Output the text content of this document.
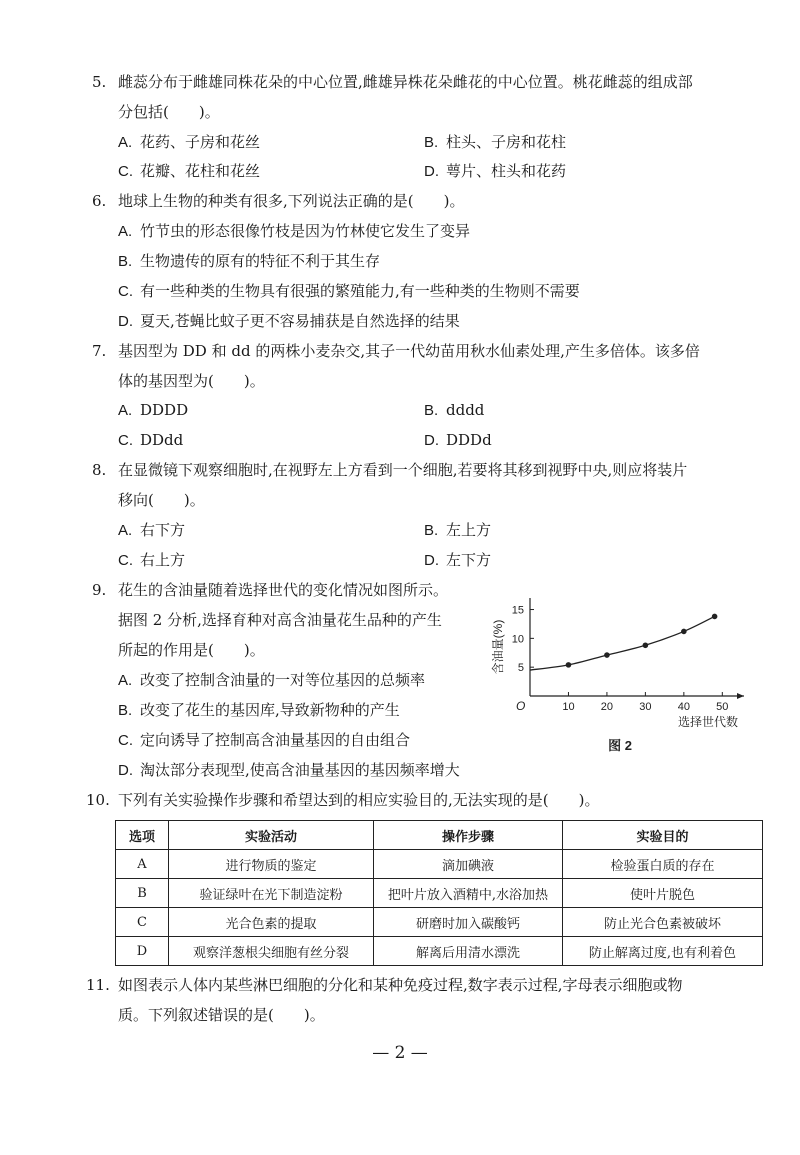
5. 雌蕊分布于雌雄同株花朵的中心位置,雌雄异株花朵雌花的中心位置。桃花雌蕊的组成部
分包括(　　)。
A. 花药、子房和花丝	B. 柱头、子房和花柱
C. 花瓣、花柱和花丝	D. 萼片、柱头和花药
6. 地球上生物的种类有很多,下列说法正确的是(　　)。
A. 竹节虫的形态很像竹枝是因为竹林使它发生了变异
B. 生物遗传的原有的特征不利于其生存
C. 有一些种类的生物具有很强的繁殖能力,有一些种类的生物则不需要
D. 夏天,苍蝇比蚊子更不容易捕获是自然选择的结果
7. 基因型为 DD 和 dd 的两株小麦杂交,其子一代幼苗用秋水仙素处理,产生多倍体。该多倍
体的基因型为(　　)。
A. DDDD	B. dddd
C. DDdd	D. DDDd
8. 在显微镜下观察细胞时,在视野左上方看到一个细胞,若要将其移到视野中央,则应将装片
移向(　　)。
A. 右下方	B. 左上方
C. 右上方	D. 左下方
9. 花生的含油量随着选择世代的变化情况如图所示。
据图 2 分析,选择育种对高含油量花生品种的产生
所起的作用是(　　)。
A. 改变了控制含油量的一对等位基因的总频率
B. 改变了花生的基因库,导致新物种的产生
C. 定向诱导了控制高含油量基因的自由组合
D. 淘汰部分表现型,使高含油量基因的基因频率增大
10 20 30 40 50
5
10
15
O
含油量(%)
选择世代数
图 2
10. 下列有关实验操作步骤和希望达到的相应实验目的,无法实现的是(　　)。
选项	实验活动	操作步骤	实验目的
A	进行物质的鉴定	滴加碘液	检验蛋白质的存在
B	验证绿叶在光下制造淀粉	把叶片放入酒精中,水浴加热	使叶片脱色
C	光合色素的提取	研磨时加入碳酸钙	防止光合色素被破坏
D	观察洋葱根尖细胞有丝分裂	解离后用清水漂洗	防止解离过度,也有利着色
11. 如图表示人体内某些淋巴细胞的分化和某种免疫过程,数字表示过程,字母表示细胞或物
质。下列叙述错误的是(　　)。
— 2 —
